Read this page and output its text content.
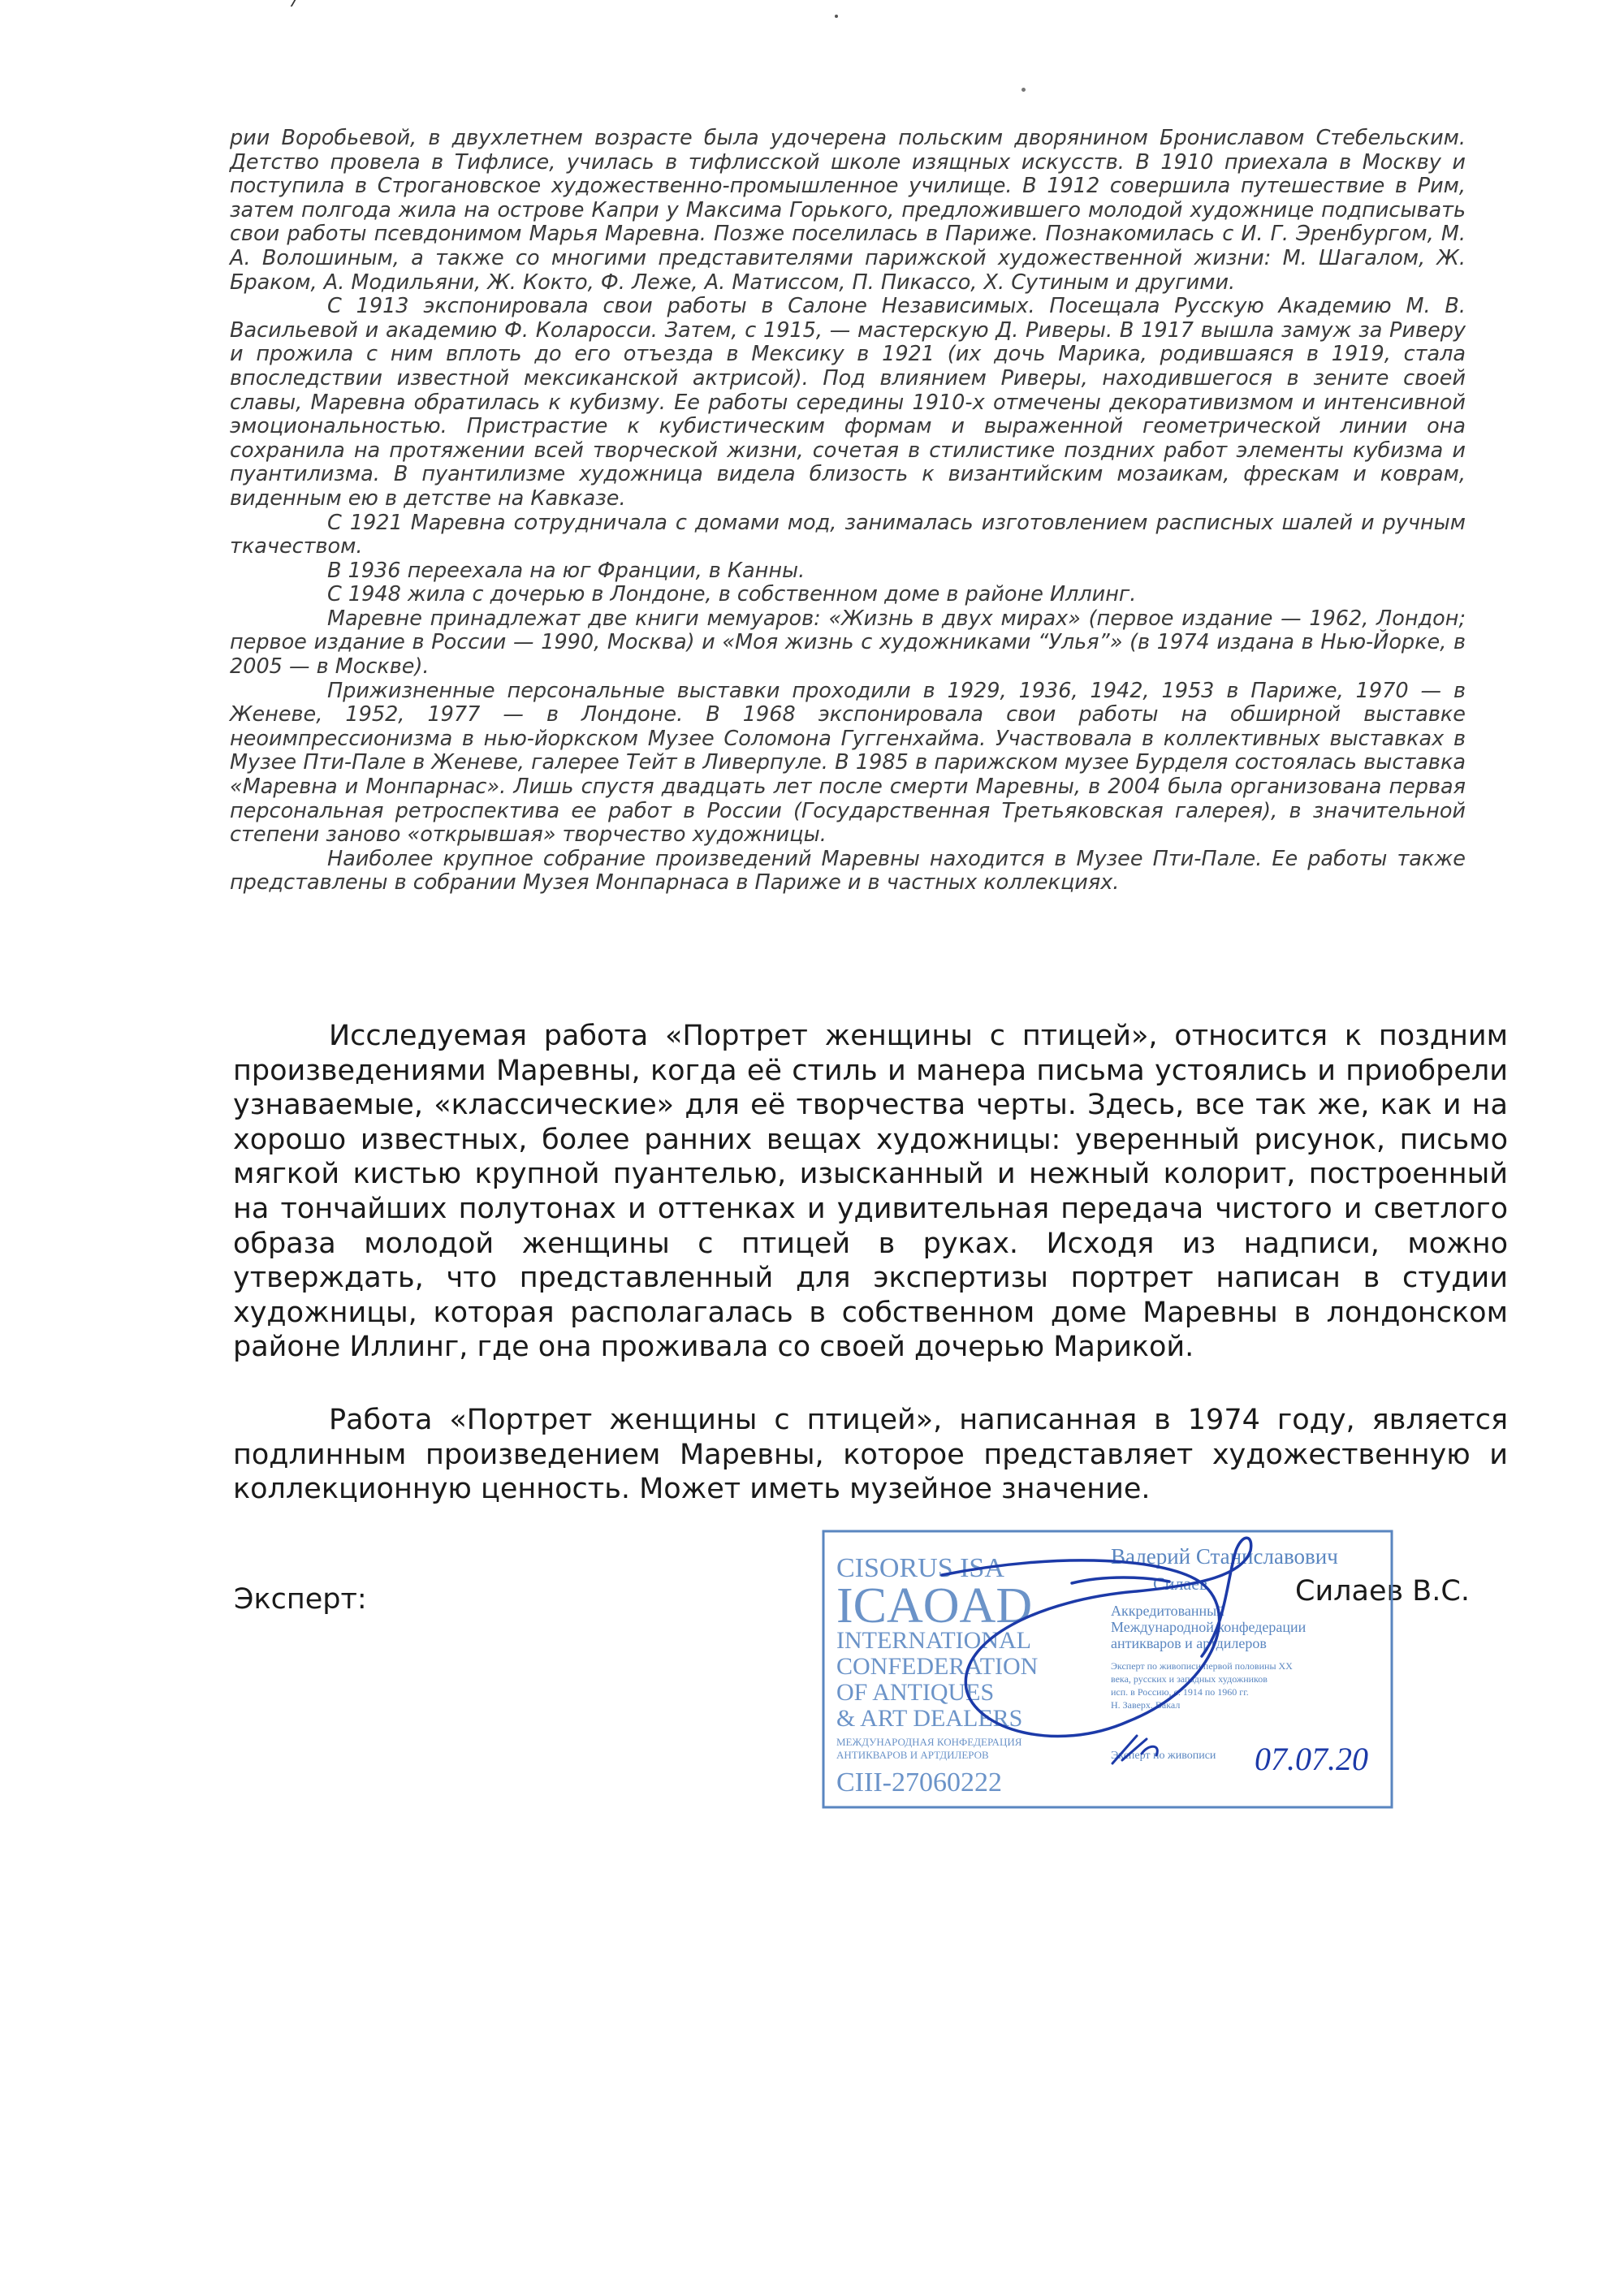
рии Воробьевой, в двухлетнем возрасте была удочерена польским дворянином Брониславом Стебельским. Детство провела в Тифлисе, училась в тифлисской школе изящных искусств. В 1910 приехала в Москву и поступила в Строгановское художественно-промышленное училище. В 1912 совершила путешествие в Рим, затем полгода жила на острове Капри у Максима Горького, предложившего молодой художнице подписывать свои работы псевдонимом Марья Маревна. Позже поселилась в Париже. Познакомилась с И. Г. Эренбургом, М. А. Волошиным, а также со многими представителями парижской художественной жизни: М. Шагалом, Ж. Браком, А. Модильяни, Ж. Кокто, Ф. Леже, А. Матиссом, П. Пикассо, Х. Сутиным и другими.

С 1913 экспонировала свои работы в Салоне Независимых. Посещала Русскую Академию М. В. Васильевой и академию Ф. Коларосси. Затем, с 1915, — мастерскую Д. Риверы. В 1917 вышла замуж за Риверу и прожила с ним вплоть до его отъезда в Мексику в 1921 (их дочь Марика, родившаяся в 1919, стала впоследствии известной мексиканской актрисой). Под влиянием Риверы, находившегося в зените своей славы, Маревна обратилась к кубизму. Ее работы середины 1910-х отмечены декоративизмом и интенсивной эмоциональностью. Пристрастие к кубистическим формам и выраженной геометрической линии она сохранила на протяжении всей творческой жизни, сочетая в стилистике поздних работ элементы кубизма и пуантилизма. В пуантилизме художница видела близость к византийским мозаикам, фрескам и коврам, виденным ею в детстве на Кавказе.

С 1921 Маревна сотрудничала с домами мод, занималась изготовлением расписных шалей и ручным ткачеством.

В 1936 переехала на юг Франции, в Канны.

С 1948 жила с дочерью в Лондоне, в собственном доме в районе Иллинг.

Маревне принадлежат две книги мемуаров: «Жизнь в двух мирах» (первое издание — 1962, Лондон; первое издание в России — 1990, Москва) и «Моя жизнь с художниками “Улья”» (в 1974 издана в Нью-Йорке, в 2005 — в Москве).

Прижизненные персональные выставки проходили в 1929, 1936, 1942, 1953 в Париже, 1970 — в Женеве, 1952, 1977 — в Лондоне. В 1968 экспонировала свои работы на обширной выставке неоимпрессионизма в нью-йоркском Музее Соломона Гуггенхайма. Участвовала в коллективных выставках в Музее Пти-Пале в Женеве, галерее Тейт в Ливерпуле. В 1985 в парижском музее Бурделя состоялась выставка «Маревна и Монпарнас». Лишь спустя двадцать лет после смерти Маревны, в 2004 была организована первая персональная ретроспектива ее работ в России (Государственная Третьяковская галерея), в значительной степени заново «открывшая» творчество художницы.

Наиболее крупное собрание произведений Маревны находится в Музее Пти-Пале. Ее работы также представлены в собрании Музея Монпарнаса в Париже и в частных коллекциях.

Исследуемая работа «Портрет женщины с птицей», относится к поздним произведениями Маревны, когда её стиль и манера письма устоялись и приобрели узнаваемые, «классические» для её творчества черты. Здесь, все так же, как и на хорошо известных, более ранних вещах художницы: уверенный рисунок, письмо мягкой кистью крупной пуантелью, изысканный и нежный колорит, построенный на тончайших полутонах и оттенках и удивительная передача чистого и светлого образа молодой женщины с птицей в руках. Исходя из надписи, можно утверждать, что представленный для экспертизы портрет написан в студии художницы, которая располагалась в собственном доме Маревны в лондонском районе Иллинг, где она проживала со своей дочерью Марикой.

Работа «Портрет женщины с птицей», написанная в 1974 году, является подлинным произведением Маревны, которое представляет художественную и коллекционную ценность. Может иметь музейное значение.

Эксперт:	Силаев В.С.
CISORUS ISA
ICAOAD
INTERNATIONAL
CONFEDERATION
OF ANTIQUES
& ART DEALERS
МЕЖДУНАРОДНАЯ КОНФЕДЕРАЦИЯ
АНТИКВАРОВ И АРТДИЛЕРОВ
CIII-27060222
Валерий Станиславович
Силаев
Аккредитованный
Международной конфедерации
антикваров и артдилеров
Эксперт по живописи первой половины ХХ
века, русских и западных художников
исп. в Россию, с. 1914 по 1960 гг.
Н. Заверх. Вакал
Эксперт по живописи 07.07.20
